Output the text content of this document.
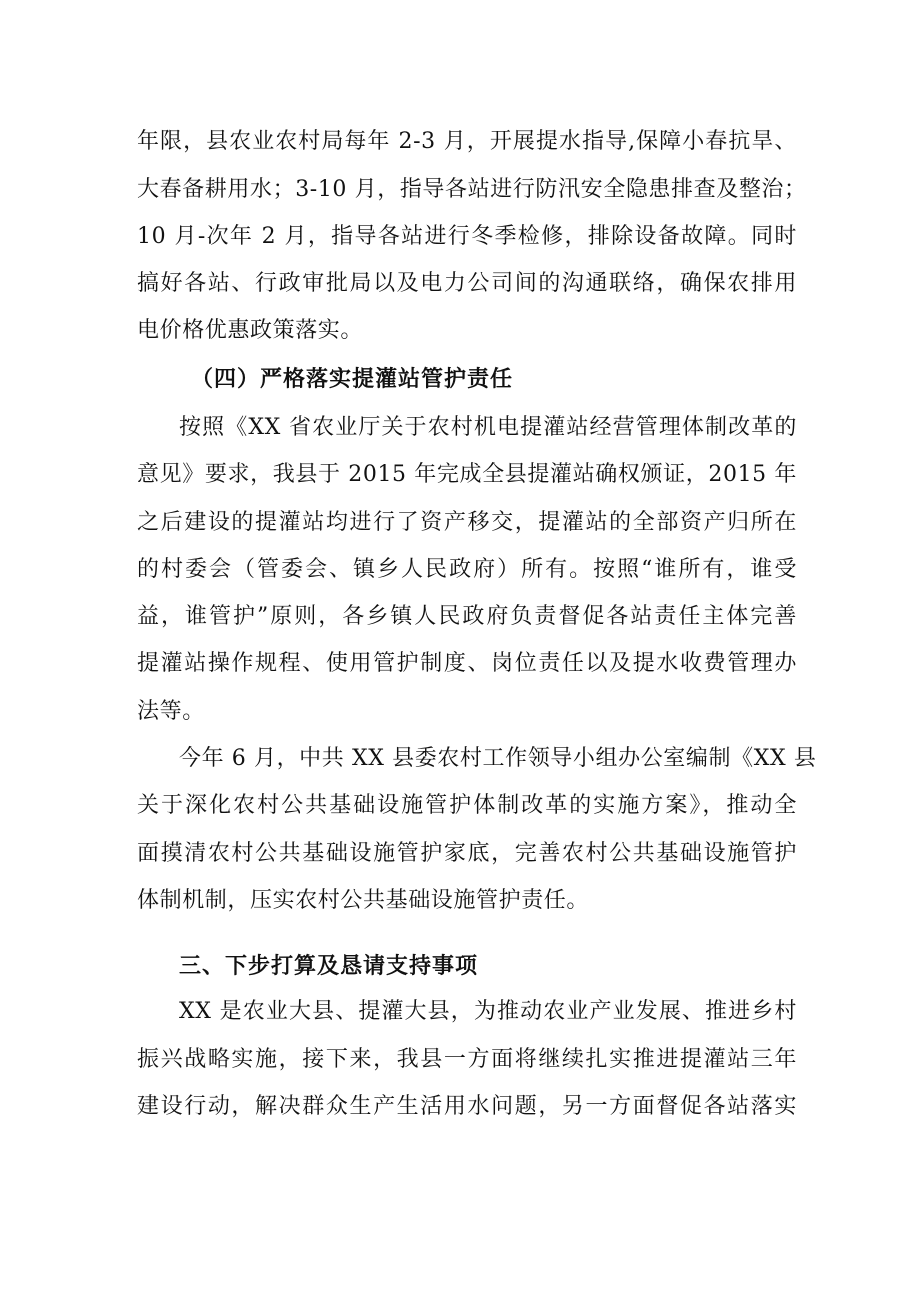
年限，县农业农村局每年 2-3 月，开展提水指导,保障小春抗旱、
大春备耕用水；3-10 月，指导各站进行防汛安全隐患排查及整治；
10 月-次年 2 月，指导各站进行冬季检修，排除设备故障。同时
搞好各站、行政审批局以及电力公司间的沟通联络，确保农排用
电价格优惠政策落实。
（四）严格落实提灌站管护责任
按照《XX 省农业厅关于农村机电提灌站经营管理体制改革的
意见》要求，我县于 2015 年完成全县提灌站确权颁证，2015 年
之后建设的提灌站均进行了资产移交，提灌站的全部资产归所在
的村委会（管委会、镇乡人民政府）所有。按照“谁所有，谁受
益，谁管护”原则，各乡镇人民政府负责督促各站责任主体完善
提灌站操作规程、使用管护制度、岗位责任以及提水收费管理办
法等。
今年 6 月，中共 XX 县委农村工作领导小组办公室编制《XX 县
关于深化农村公共基础设施管护体制改革的实施方案》，推动全
面摸清农村公共基础设施管护家底，完善农村公共基础设施管护
体制机制，压实农村公共基础设施管护责任。
三、下步打算及恳请支持事项
XX 是农业大县、提灌大县，为推动农业产业发展、推进乡村
振兴战略实施，接下来，我县一方面将继续扎实推进提灌站三年
建设行动，解决群众生产生活用水问题，另一方面督促各站落实
